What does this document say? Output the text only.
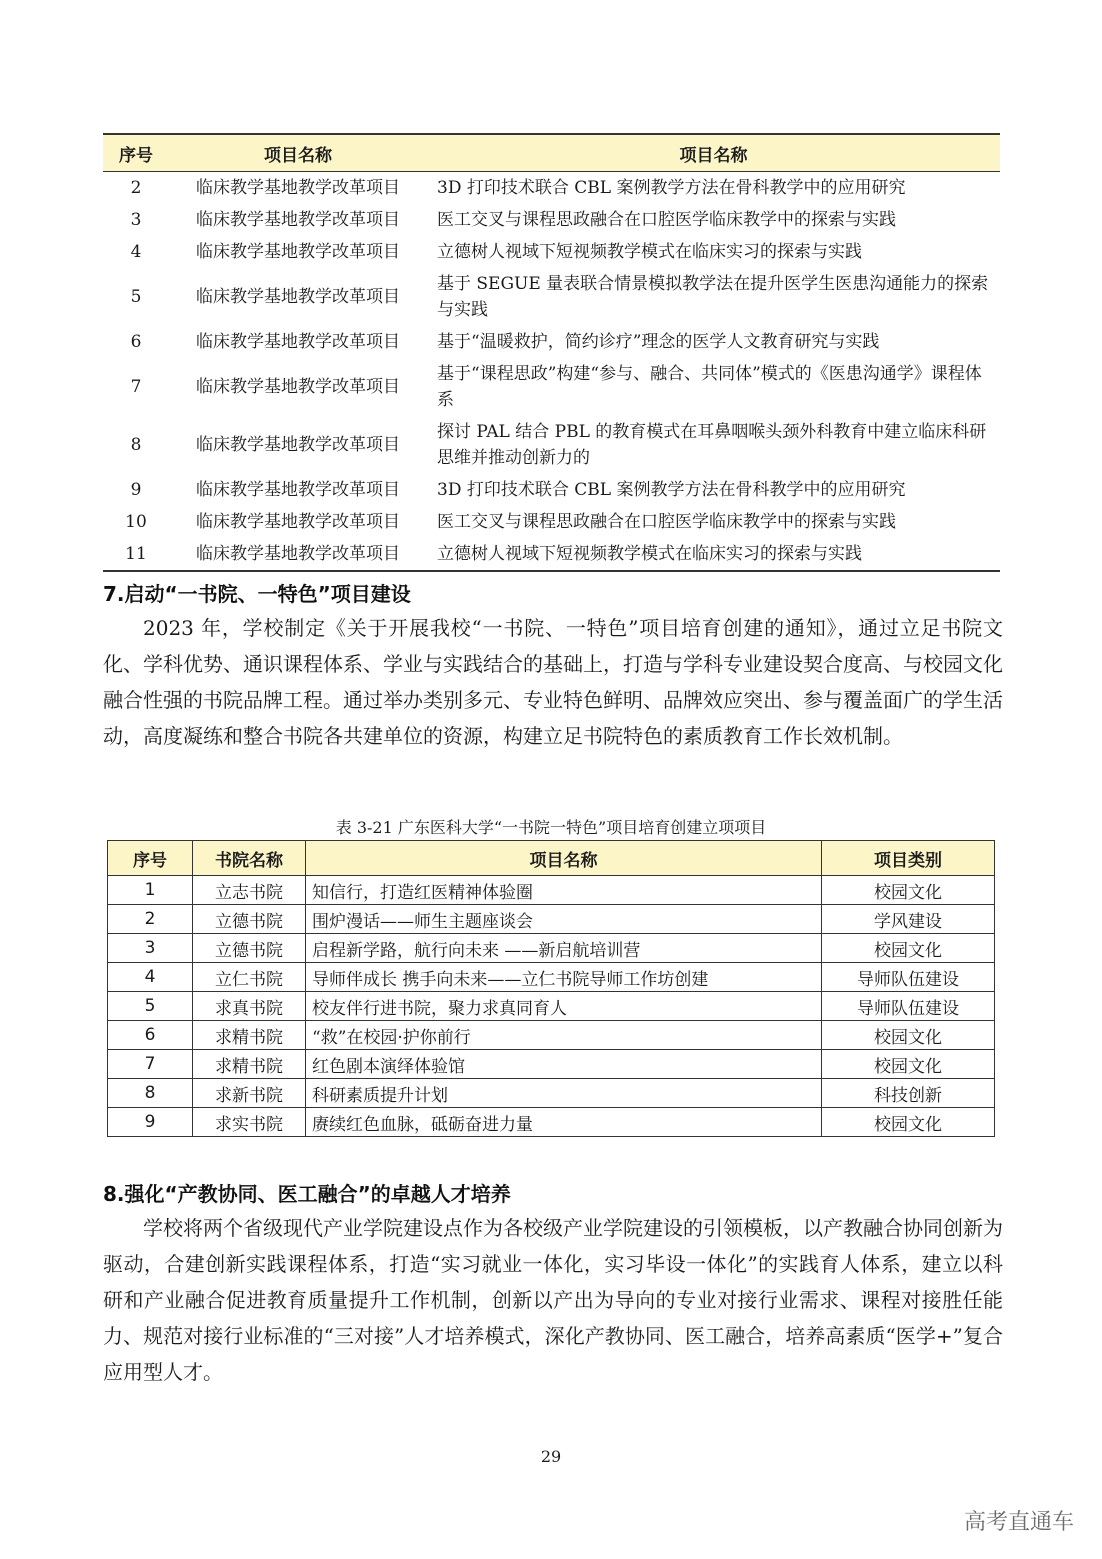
序号	项目名称	项目名称
2	临床教学基地教学改革项目	3D 打印技术联合 CBL 案例教学方法在骨科教学中的应用研究
3	临床教学基地教学改革项目	医工交叉与课程思政融合在口腔医学临床教学中的探索与实践
4	临床教学基地教学改革项目	立德树人视域下短视频教学模式在临床实习的探索与实践
5	临床教学基地教学改革项目	基于 SEGUE 量表联合情景模拟教学法在提升医学生医患沟通能力的探索与实践
6	临床教学基地教学改革项目	基于“温暖救护，简约诊疗”理念的医学人文教育研究与实践
7	临床教学基地教学改革项目	基于“课程思政”构建“参与、融合、共同体”模式的《医患沟通学》课程体系
8	临床教学基地教学改革项目	探讨 PAL 结合 PBL 的教育模式在耳鼻咽喉头颈外科教育中建立临床科研思维并推动创新力的
9	临床教学基地教学改革项目	3D 打印技术联合 CBL 案例教学方法在骨科教学中的应用研究
10	临床教学基地教学改革项目	医工交叉与课程思政融合在口腔医学临床教学中的探索与实践
11	临床教学基地教学改革项目	立德树人视域下短视频教学模式在临床实习的探索与实践
7.启动“一书院、一特色”项目建设
2023 年，学校制定《关于开展我校“一书院、一特色”项目培育创建的通知》，通过立足书院文化、学科优势、通识课程体系、学业与实践结合的基础上，打造与学科专业建设契合度高、与校园文化融合性强的书院品牌工程。通过举办类别多元、专业特色鲜明、品牌效应突出、参与覆盖面广的学生活动，高度凝练和整合书院各共建单位的资源，构建立足书院特色的素质教育工作长效机制。
表 3-21 广东医科大学“一书院一特色”项目培育创建立项项目
序号	书院名称	项目名称	项目类别
1	立志书院	知信行，打造红医精神体验圈	校园文化
2	立德书院	围炉漫话——师生主题座谈会	学风建设
3	立德书院	启程新学路，航行向未来 ——新启航培训营	校园文化
4	立仁书院	导师伴成长 携手向未来——立仁书院导师工作坊创建	导师队伍建设
5	求真书院	校友伴行进书院，聚力求真同育人	导师队伍建设
6	求精书院	“救”在校园·护你前行	校园文化
7	求精书院	红色剧本演绎体验馆	校园文化
8	求新书院	科研素质提升计划	科技创新
9	求实书院	赓续红色血脉，砥砺奋进力量	校园文化
8.强化“产教协同、医工融合”的卓越人才培养
学校将两个省级现代产业学院建设点作为各校级产业学院建设的引领模板，以产教融合协同创新为驱动，合建创新实践课程体系，打造“实习就业一体化，实习毕设一体化”的实践育人体系，建立以科研和产业融合促进教育质量提升工作机制，创新以产出为导向的专业对接行业需求、课程对接胜任能力、规范对接行业标准的“三对接”人才培养模式，深化产教协同、医工融合，培养高素质“医学+”复合应用型人才。
29
高考直通车
